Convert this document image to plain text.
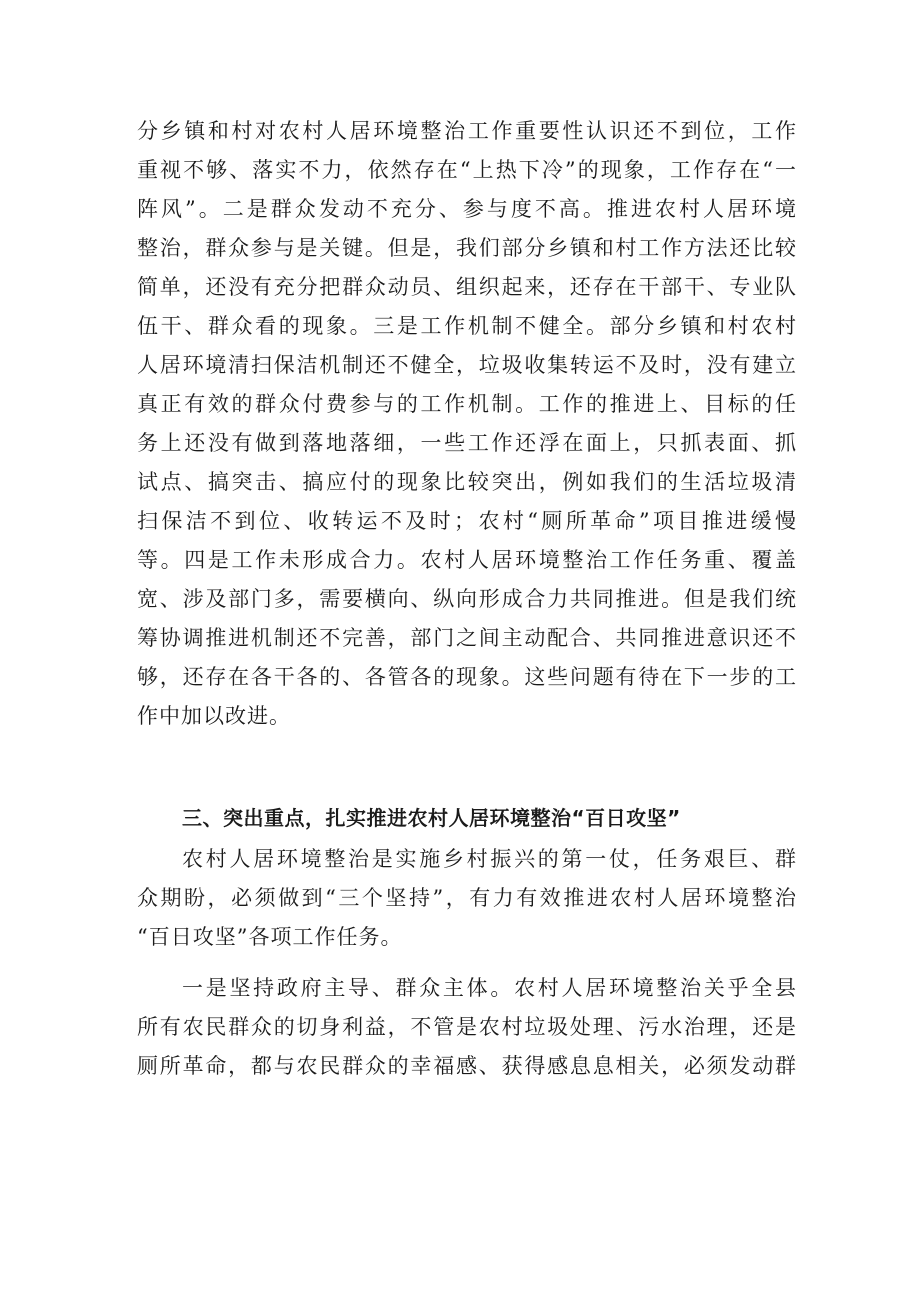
分乡镇和村对农村人居环境整治工作重要性认识还不到位，工作
重视不够、落实不力，依然存在“上热下冷”的现象，工作存在“一
阵风”。二是群众发动不充分、参与度不高。推进农村人居环境
整治，群众参与是关键。但是，我们部分乡镇和村工作方法还比较
简单，还没有充分把群众动员、组织起来，还存在干部干、专业队
伍干、群众看的现象。三是工作机制不健全。部分乡镇和村农村
人居环境清扫保洁机制还不健全，垃圾收集转运不及时，没有建立
真正有效的群众付费参与的工作机制。工作的推进上、目标的任
务上还没有做到落地落细，一些工作还浮在面上，只抓表面、抓
试点、搞突击、搞应付的现象比较突出，例如我们的生活垃圾清
扫保洁不到位、收转运不及时；农村“厕所革命”项目推进缓慢
等。四是工作未形成合力。农村人居环境整治工作任务重、覆盖
宽、涉及部门多，需要横向、纵向形成合力共同推进。但是我们统
筹协调推进机制还不完善，部门之间主动配合、共同推进意识还不
够，还存在各干各的、各管各的现象。这些问题有待在下一步的工
作中加以改进。
三、突出重点，扎实推进农村人居环境整治“百日攻坚”
农村人居环境整治是实施乡村振兴的第一仗，任务艰巨、群
众期盼，必须做到“三个坚持”，有力有效推进农村人居环境整治
“百日攻坚”各项工作任务。
一是坚持政府主导、群众主体。农村人居环境整治关乎全县
所有农民群众的切身利益，不管是农村垃圾处理、污水治理，还是
厕所革命，都与农民群众的幸福感、获得感息息相关，必须发动群
